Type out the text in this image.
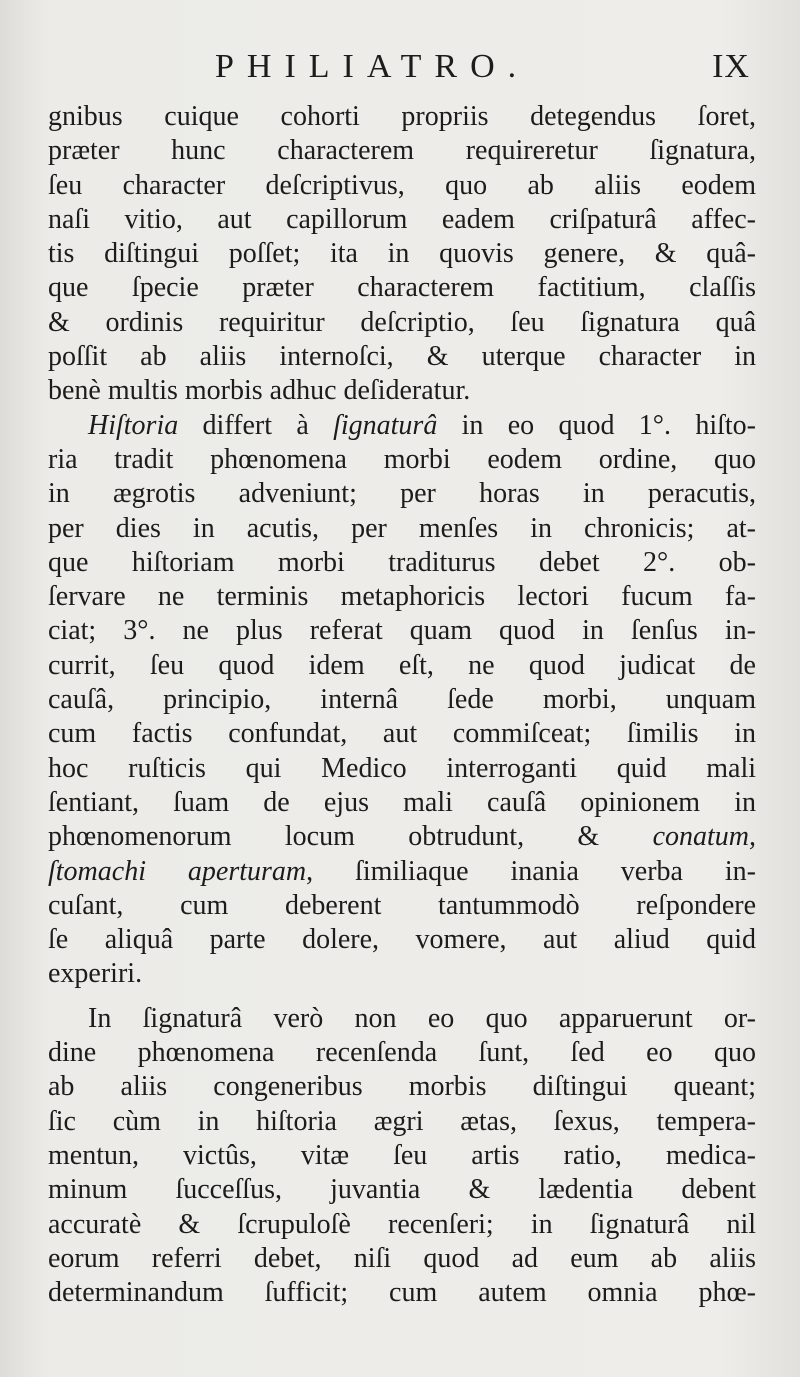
PHILIATRO.	IX
gnibus cuique cohorti propriis detegendus ſoret,
præter hunc characterem requireretur ſignatura,
ſeu character deſcriptivus, quo ab aliis eodem
naſi vitio, aut capillorum eadem criſpaturâ affec-
tis diſtingui poſſet; ita in quovis genere, & quâ-
que ſpecie præter characterem factitium, claſſis
& ordinis requiritur deſcriptio, ſeu ſignatura quâ
poſſit ab aliis internoſci, & uterque character in
benè multis morbis adhuc deſideratur.
Hiſtoria differt à ſignaturâ in eo quod 1°. hiſto-
ria tradit phœnomena morbi eodem ordine, quo
in ægrotis adveniunt; per horas in peracutis,
per dies in acutis, per menſes in chronicis; at-
que hiſtoriam morbi traditurus debet 2°. ob-
ſervare ne terminis metaphoricis lectori fucum fa-
ciat; 3°. ne plus referat quam quod in ſenſus in-
currit, ſeu quod idem eſt, ne quod judicat de
cauſâ, principio, internâ ſede morbi, unquam
cum factis confundat, aut commiſceat; ſimilis in
hoc ruſticis qui Medico interroganti quid mali
ſentiant, ſuam de ejus mali cauſâ opinionem in
phœnomenorum locum obtrudunt, & conatum,
ſtomachi aperturam, ſimiliaque inania verba in-
cuſant, cum deberent tantummodò reſpondere
ſe aliquâ parte dolere, vomere, aut aliud quid
experiri.
In ſignaturâ verò non eo quo apparuerunt or-
dine phœnomena recenſenda ſunt, ſed eo quo
ab aliis congeneribus morbis diſtingui queant;
ſic cùm in hiſtoria ægri ætas, ſexus, tempera-
mentun, victûs, vitæ ſeu artis ratio, medica-
minum ſucceſſus, juvantia & lædentia debent
accuratè & ſcrupuloſè recenſeri; in ſignaturâ nil
eorum referri debet, niſi quod ad eum ab aliis
determinandum ſufficit; cum autem omnia phœ-
